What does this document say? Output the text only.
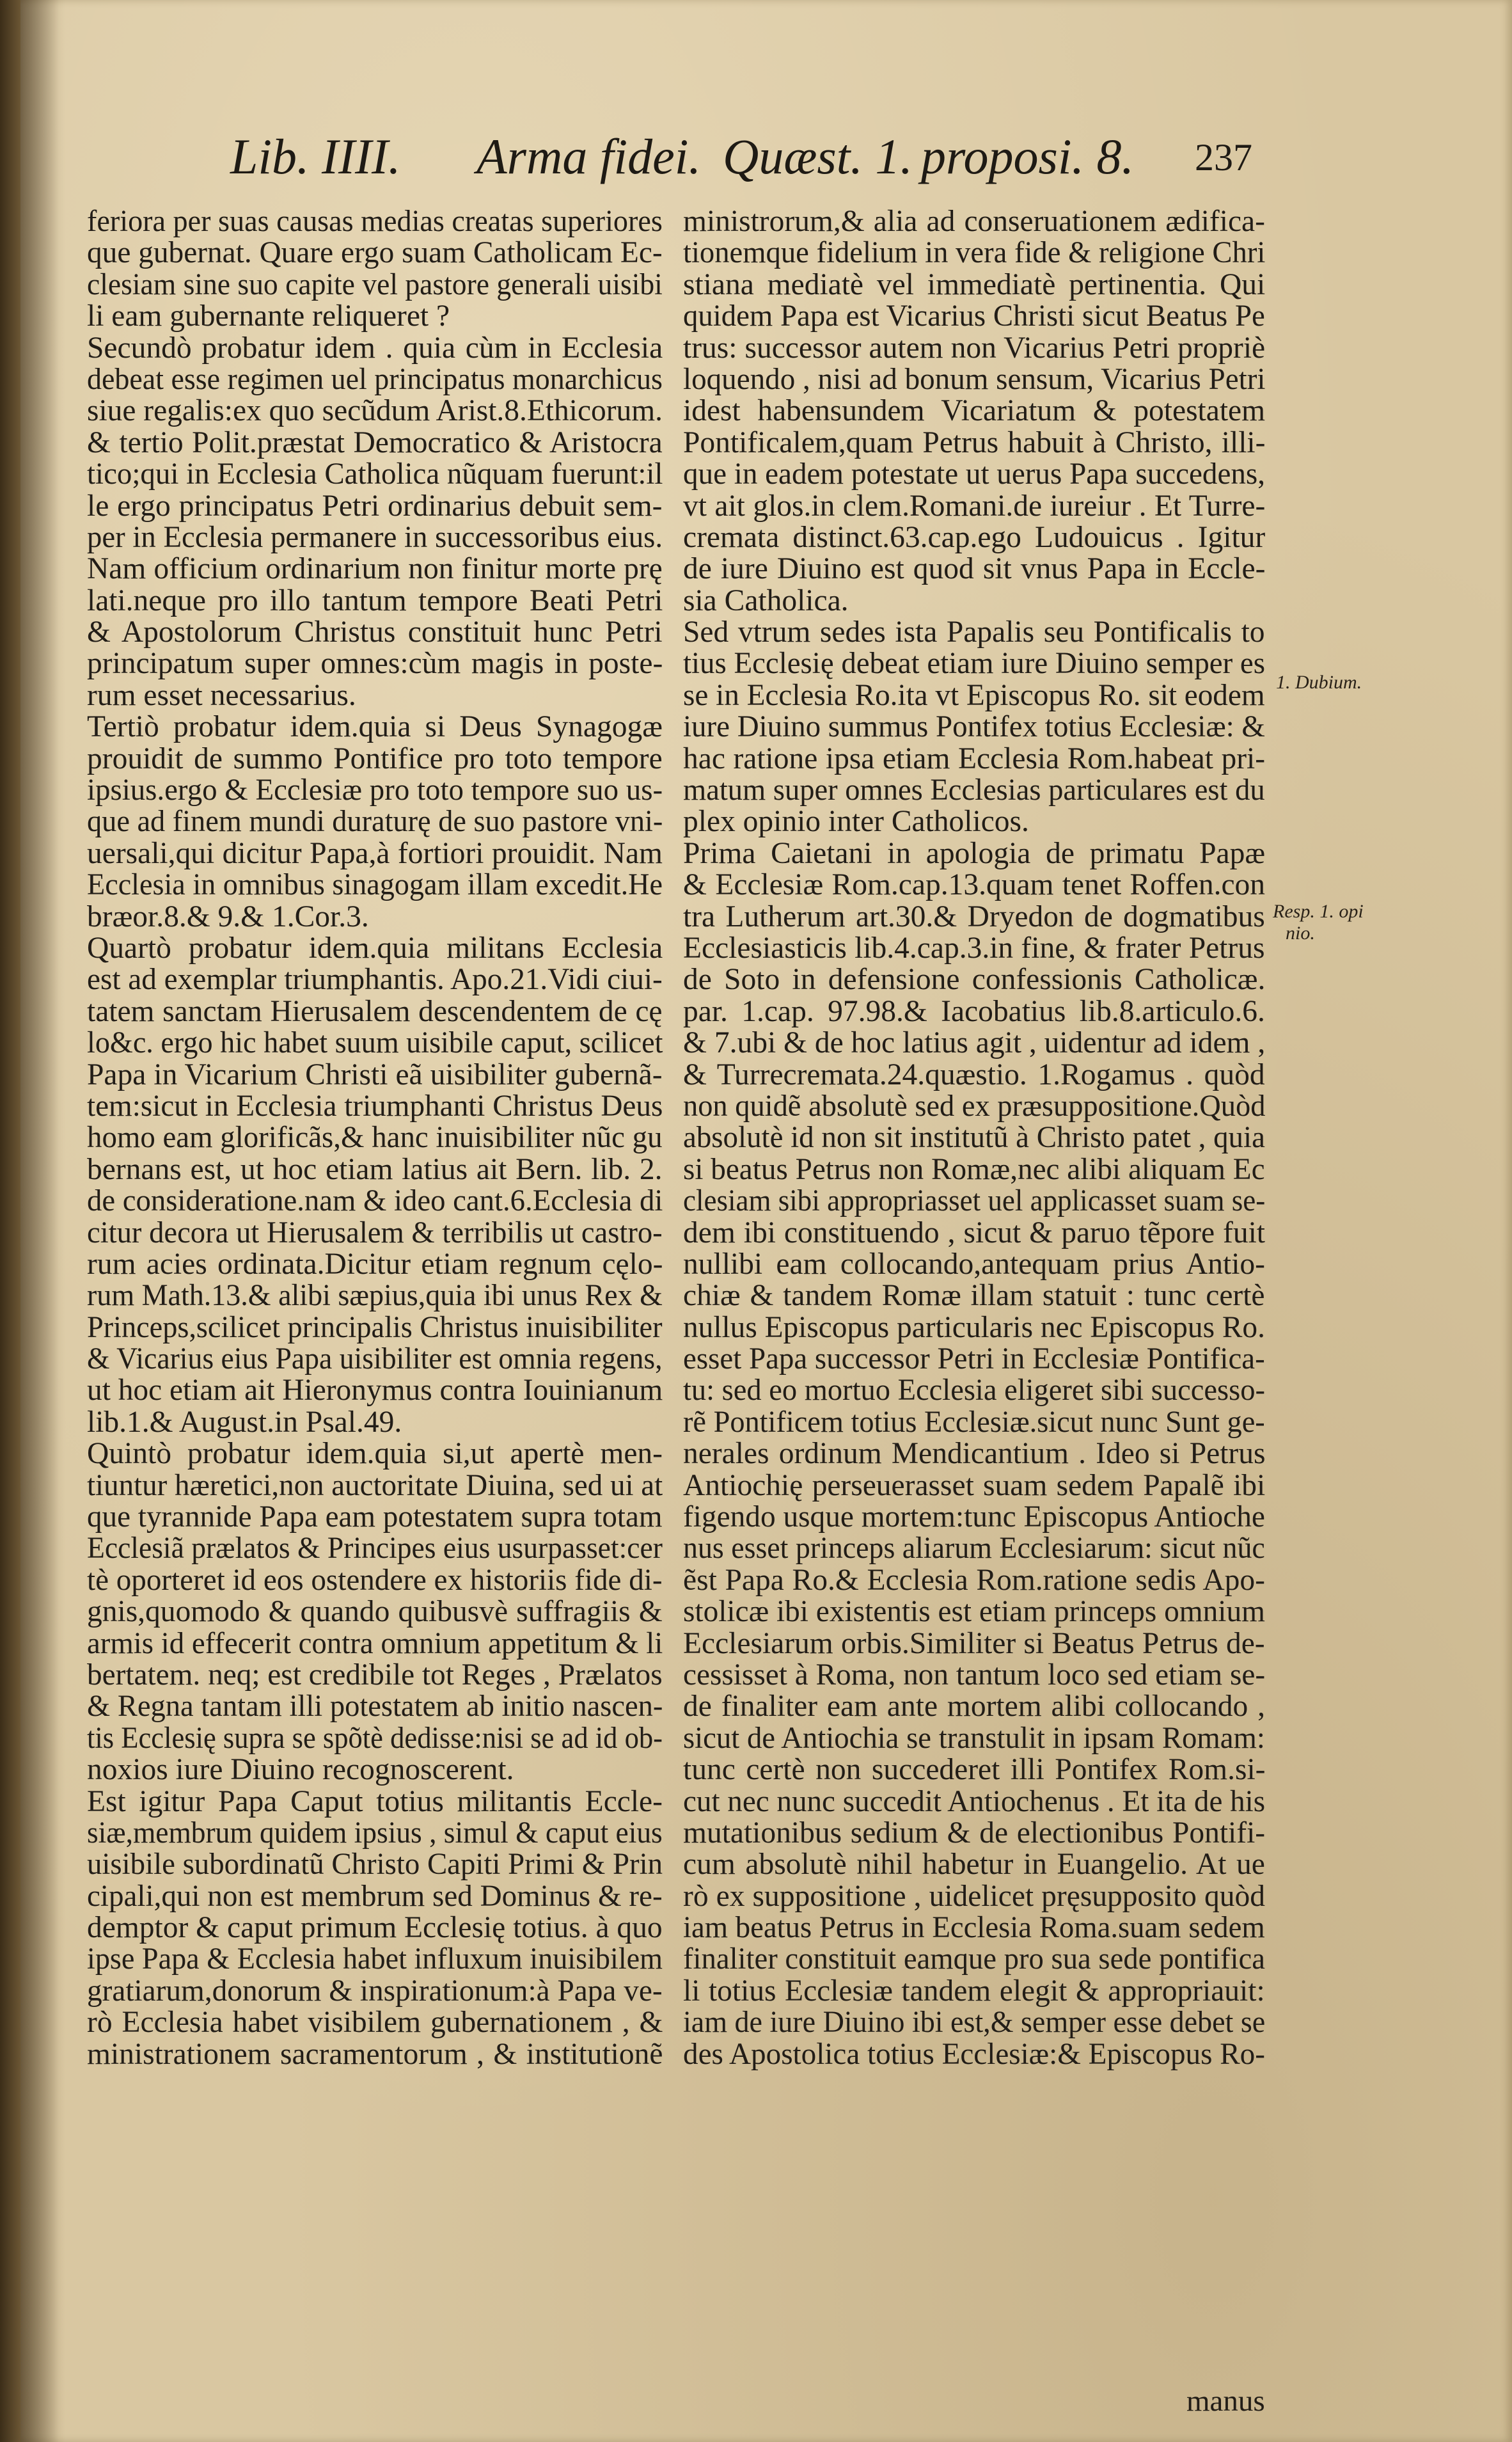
Lib. IIII. Arma fidei. Quæst. 1. proposi. 8. 237

feriora per suas causas medias creatas superiores

que gubernat. Quare ergo suam Catholicam Ec-

clesiam sine suo capite vel pastore generali uisibi

li eam gubernante reliqueret ?

Secundò probatur idem . quia cùm in Ecclesia

debeat esse regimen uel principatus monarchicus

siue regalis:ex quo secũdum Arist.8.Ethicorum.

& tertio Polit.præstat Democratico & Aristocra

tico;qui in Ecclesia Catholica nũquam fuerunt:il

le ergo principatus Petri ordinarius debuit sem-

per in Ecclesia permanere in successoribus eius.

Nam officium ordinarium non finitur morte prę

lati.neque pro illo tantum tempore Beati Petri

& Apostolorum Christus constituit hunc Petri

principatum super omnes:cùm magis in poste-

rum esset necessarius.

Tertiò probatur idem.quia si Deus Synagogæ

prouidit de summo Pontifice pro toto tempore

ipsius.ergo & Ecclesiæ pro toto tempore suo us-

que ad finem mundi duraturę de suo pastore vni-

uersali,qui dicitur Papa,à fortiori prouidit. Nam

Ecclesia in omnibus sinagogam illam excedit.He

bræor.8.& 9.& 1.Cor.3.

Quartò probatur idem.quia militans Ecclesia

est ad exemplar triumphantis. Apo.21.Vidi ciui-

tatem sanctam Hierusalem descendentem de cę

lo&c. ergo hic habet suum uisibile caput, scilicet

Papa in Vicarium Christi eã uisibiliter gubernã-

tem:sicut in Ecclesia triumphanti Christus Deus

homo eam glorificãs,& hanc inuisibiliter nũc gu

bernans est, ut hoc etiam latius ait Bern. lib. 2.

de consideratione.nam & ideo cant.6.Ecclesia di

citur decora ut Hierusalem & terribilis ut castro-

rum acies ordinata.Dicitur etiam regnum cęlo-

rum Math.13.& alibi sæpius,quia ibi unus Rex &

Princeps,scilicet principalis Christus inuisibiliter

& Vicarius eius Papa uisibiliter est omnia regens,

ut hoc etiam ait Hieronymus contra Iouinianum

lib.1.& August.in Psal.49.

Quintò probatur idem.quia si,ut apertè men-

tiuntur hæretici,non auctoritate Diuina, sed ui at

que tyrannide Papa eam potestatem supra totam

Ecclesiã prælatos & Principes eius usurpasset:cer

tè oporteret id eos ostendere ex historiis fide di-

gnis,quomodo & quando quibusvè suffragiis &

armis id effecerit contra omnium appetitum & li

bertatem. neq; est credibile tot Reges , Prælatos

& Regna tantam illi potestatem ab initio nascen-

tis Ecclesię supra se spõtè dedisse:nisi se ad id ob-

noxios iure Diuino recognoscerent.

Est igitur Papa Caput totius militantis Eccle-

siæ,membrum quidem ipsius , simul & caput eius

uisibile subordinatũ Christo Capiti Primi & Prin

cipali,qui non est membrum sed Dominus & re-

demptor & caput primum Ecclesię totius. à quo

ipse Papa & Ecclesia habet influxum inuisibilem

gratiarum,donorum & inspirationum:à Papa ve-

rò Ecclesia habet visibilem gubernationem , &

ministrationem sacramentorum , & institutionẽ

ministrorum,& alia ad conseruationem ædifica-

tionemque fidelium in vera fide & religione Chri

stiana mediatè vel immediatè pertinentia. Qui

quidem Papa est Vicarius Christi sicut Beatus Pe

trus: successor autem non Vicarius Petri propriè

loquendo , nisi ad bonum sensum, Vicarius Petri

idest habensundem Vicariatum & potestatem

Pontificalem,quam Petrus habuit à Christo, illi-

que in eadem potestate ut uerus Papa succedens,

vt ait glos.in clem.Romani.de iureiur . Et Turre-

cremata distinct.63.cap.ego Ludouicus . Igitur

de iure Diuino est quod sit vnus Papa in Eccle-

sia Catholica.

Sed vtrum sedes ista Papalis seu Pontificalis to

tius Ecclesię debeat etiam iure Diuino semper es

se in Ecclesia Ro.ita vt Episcopus Ro. sit eodem

iure Diuino summus Pontifex totius Ecclesiæ: &

hac ratione ipsa etiam Ecclesia Rom.habeat pri-

matum super omnes Ecclesias particulares est du

plex opinio inter Catholicos.

Prima Caietani in apologia de primatu Papæ

& Ecclesiæ Rom.cap.13.quam tenet Roffen.con

tra Lutherum art.30.& Dryedon de dogmatibus

Ecclesiasticis lib.4.cap.3.in fine, & frater Petrus

de Soto in defensione confessionis Catholicæ.

par. 1.cap. 97.98.& Iacobatius lib.8.articulo.6.

& 7.ubi & de hoc latius agit , uidentur ad idem ,

& Turrecremata.24.quæstio. 1.Rogamus . quòd

non quidẽ absolutè sed ex præsuppositione.Quòd

absolutè id non sit institutũ à Christo patet , quia

si beatus Petrus non Romæ,nec alibi aliquam Ec

clesiam sibi appropriasset uel applicasset suam se-

dem ibi constituendo , sicut & paruo tẽpore fuit

nullibi eam collocando,antequam prius Antio-

chiæ & tandem Romæ illam statuit : tunc certè

nullus Episcopus particularis nec Episcopus Ro.

esset Papa successor Petri in Ecclesiæ Pontifica-

tu: sed eo mortuo Ecclesia eligeret sibi successo-

rẽ Pontificem totius Ecclesiæ.sicut nunc Sunt ge-

nerales ordinum Mendicantium . Ideo si Petrus

Antiochię perseuerasset suam sedem Papalẽ ibi

figendo usque mortem:tunc Episcopus Antioche

nus esset princeps aliarum Ecclesiarum: sicut nũc

ẽst Papa Ro.& Ecclesia Rom.ratione sedis Apo-

stolicæ ibi existentis est etiam princeps omnium

Ecclesiarum orbis.Similiter si Beatus Petrus de-

cessisset à Roma, non tantum loco sed etiam se-

de finaliter eam ante mortem alibi collocando ,

sicut de Antiochia se transtulit in ipsam Romam:

tunc certè non succederet illi Pontifex Rom.si-

cut nec nunc succedit Antiochenus . Et ita de his

mutationibus sedium & de electionibus Pontifi-

cum absolutè nihil habetur in Euangelio. At ue

rò ex suppositione , uidelicet pręsupposito quòd

iam beatus Petrus in Ecclesia Roma.suam sedem

finaliter constituit eamque pro sua sede pontifica

li totius Ecclesiæ tandem elegit & appropriauit:

iam de iure Diuino ibi est,& semper esse debet se

des Apostolica totius Ecclesiæ:& Episcopus Ro-

1. Dubium.
Resp. 1. opi
nio.
manus
